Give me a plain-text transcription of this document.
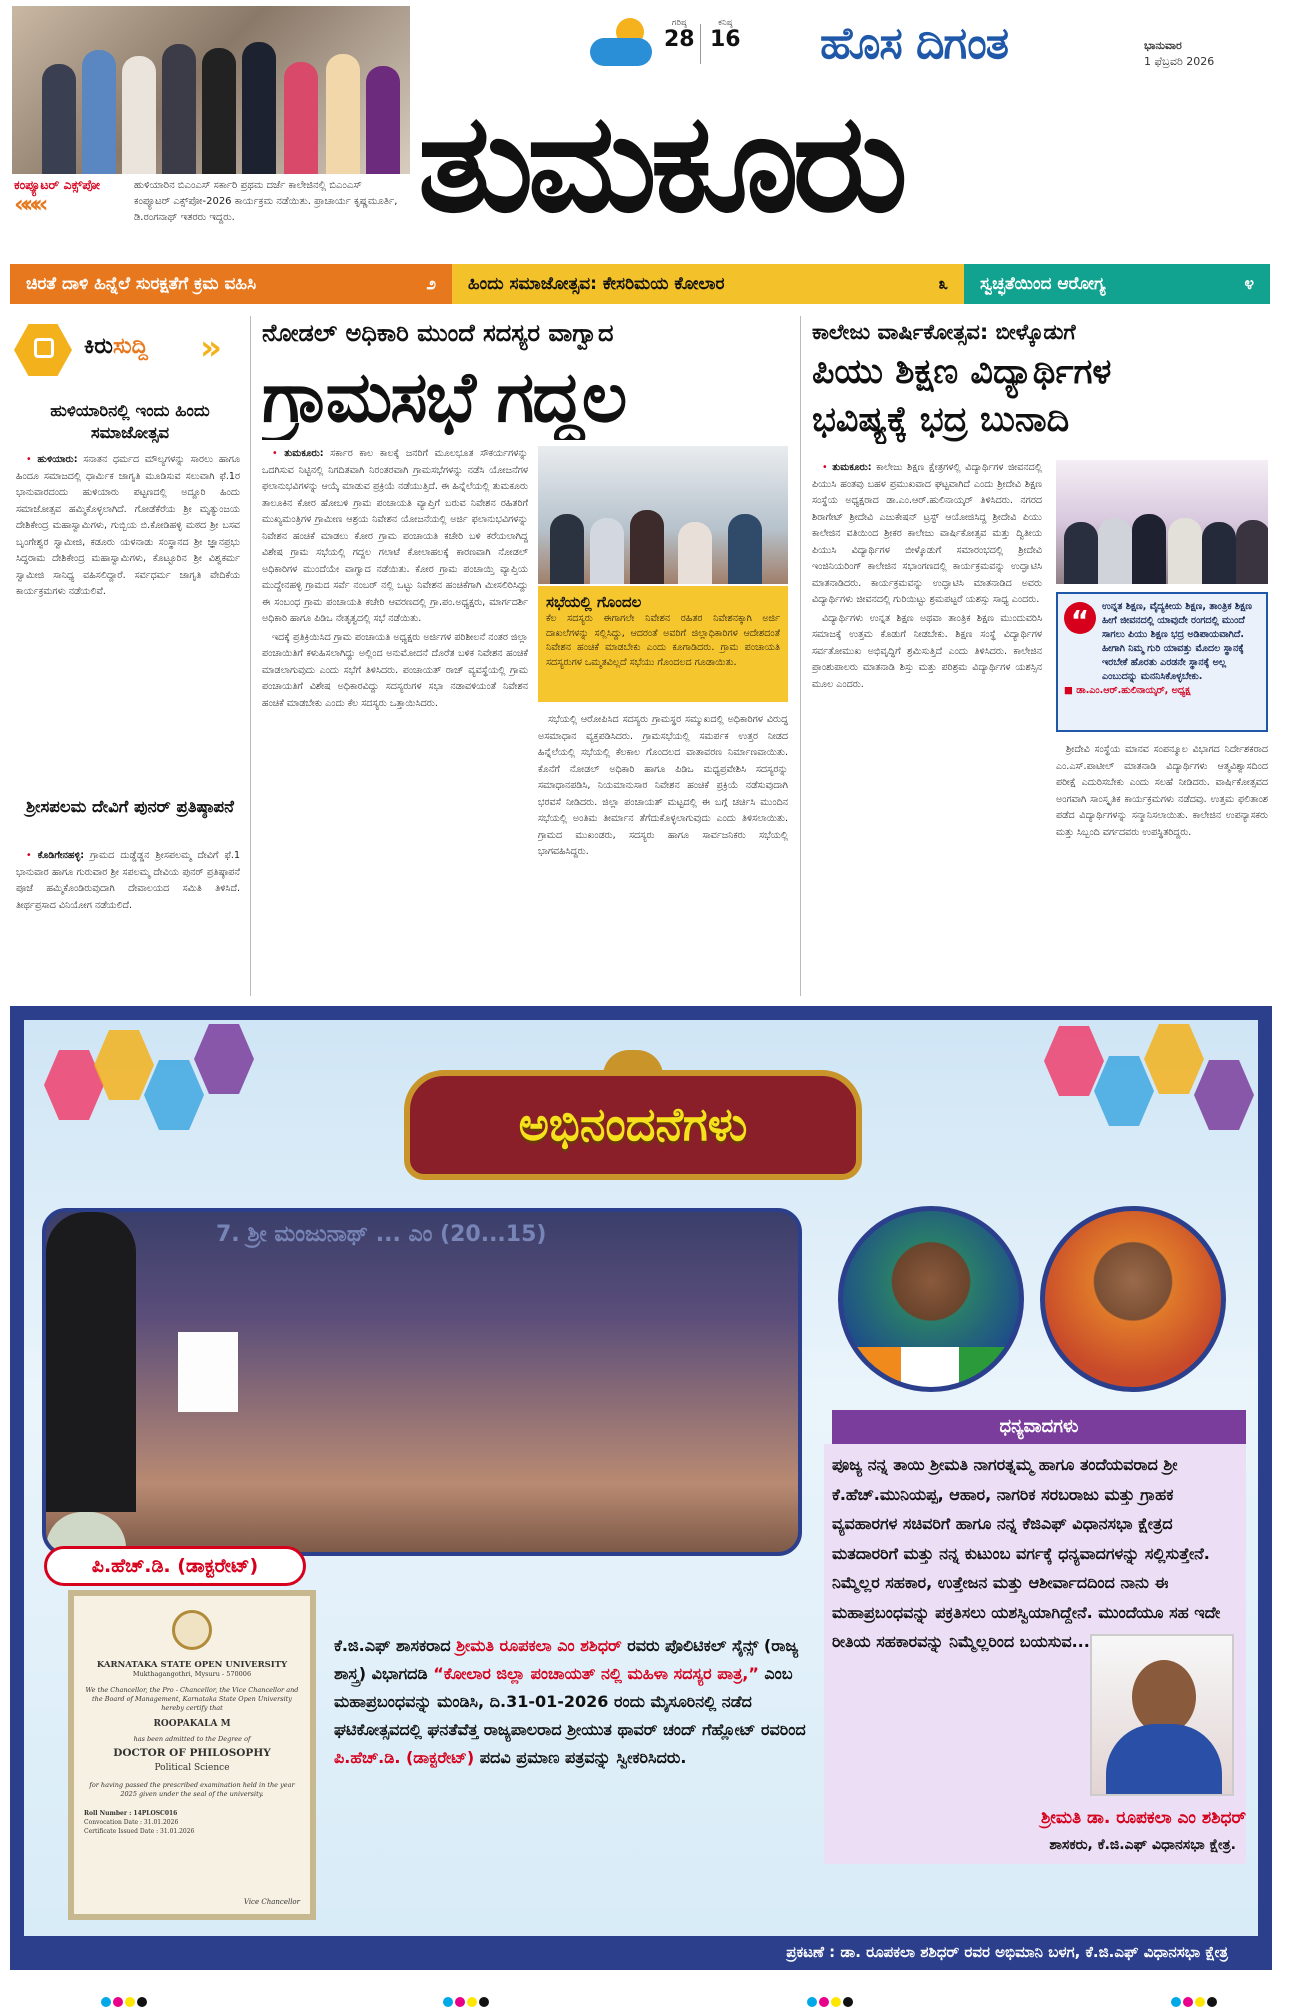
ಕಂಪ್ಯೂಟರ್ ಎಕ್ಸ್‌ಪೋ
«««
ಹುಳಿಯಾರಿನ ಬಿಎಂಎಸ್ ಸರ್ಕಾರಿ ಪ್ರಥಮ ದರ್ಜೆ ಕಾಲೇಜಿನಲ್ಲಿ ಬಿಎಂಎಸ್ ಕಂಪ್ಯೂಟರ್ ಎಕ್ಸ್‌ಪೋ-2026 ಕಾರ್ಯಕ್ರಮ ನಡೆಯಿತು. ಪ್ರಾಚಾರ್ಯ ಕೃಷ್ಣಮೂರ್ತಿ, ಡಿ.ರಂಗನಾಥ್ ಇತರರು ಇದ್ದರು.
ಗರಿಷ್ಠ
28
ಕನಿಷ್ಠ
16 ಹೊಸ ದಿಗಂತ	ಭಾನುವಾರ
1 ಫೆಬ್ರವರಿ 2026
ತುಮಕೂರು
ಚಿರತೆ ದಾಳಿ ಹಿನ್ನೆಲೆ ಸುರಕ್ಷತೆಗೆ ಕ್ರಮ ವಹಿಸಿ	೨	ಹಿಂದು ಸಮಾಜೋತ್ಸವ: ಕೇಸರಿಮಯ ಕೋಲಾರ	೩	ಸ್ವಚ್ಛತೆಯಿಂದ ಆರೋಗ್ಯ	೪
ಕಿರುಸುದ್ದಿ »
ಹುಳಿಯಾರಿನಲ್ಲಿ ಇಂದು ಹಿಂದು ಸಮಾಜೋತ್ಸವ

• ಹುಳಿಯಾರು: ಸನಾತನ ಧರ್ಮದ ಮೌಲ್ಯಗಳನ್ನು ಸಾರಲು ಹಾಗೂ ಹಿಂದೂ ಸಮಾಜದಲ್ಲಿ ಧಾರ್ಮಿಕ ಜಾಗೃತಿ ಮೂಡಿಸುವ ಸಲುವಾಗಿ ಫೆ.1ರ ಭಾನುವಾರದಂದು ಹುಳಿಯಾರು ಪಟ್ಟಣದಲ್ಲಿ ಅದ್ದೂರಿ ಹಿಂದು ಸಮಾಜೋತ್ಸವ ಹಮ್ಮಿಕೊಳ್ಳಲಾಗಿದೆ. ಗೋಡೆಕೆರೆಯ ಶ್ರೀ ಮೃತ್ಯುಂಜಯ ದೇಶಿಕೇಂದ್ರ ಮಹಾಸ್ವಾಮಿಗಳು, ಗುಬ್ಬಿಯ ಬಿ.ಕೋಡಿಹಳ್ಳಿ ಮಠದ ಶ್ರೀ ಬಸವ ಬೃಂಗೇಶ್ವರ ಸ್ವಾಮೀಜಿ, ಕಡೂರು ಯಳನಾಡು ಸಂಸ್ಥಾನದ ಶ್ರೀ ಜ್ಞಾನಪ್ರಭು ಸಿದ್ಧರಾಮ ದೇಶಿಕೇಂದ್ರ ಮಹಾಸ್ವಾಮಿಗಳು, ಕೊಟ್ಟೂರಿನ ಶ್ರೀ ವಿಶ್ವಕರ್ಮ ಸ್ವಾಮೀಜಿ ಸಾನಿಧ್ಯ ವಹಿಸಲಿದ್ದಾರೆ. ಸರ್ವಧರ್ಮ ಜಾಗೃತಿ ವೇದಿಕೆಯ ಕಾರ್ಯಕ್ರಮಗಳು ನಡೆಯಲಿವೆ.

ಶ್ರೀಸಪಲಮ ದೇವಿಗೆ ಪುನರ್ ಪ್ರತಿಷ್ಠಾಪನೆ

• ಕೊಡಿಗೇನಹಳ್ಳಿ: ಗ್ರಾಮದ ದುಡ್ಡೆಡ್ಡನ ಶ್ರೀಸಪಲಮ್ಮ ದೇವಿಗೆ ಫೆ.1 ಭಾನುವಾರ ಹಾಗೂ ಗುರುವಾರ ಶ್ರೀ ಸಪಲಮ್ಮ ದೇವಿಯ ಪುನರ್ ಪ್ರತಿಷ್ಠಾಪನೆ ಪೂಜೆ ಹಮ್ಮಿಕೊಂಡಿರುವುದಾಗಿ ದೇವಾಲಯದ ಸಮಿತಿ ತಿಳಿಸಿದೆ. ತೀರ್ಥಪ್ರಸಾದ ವಿನಿಯೋಗ ನಡೆಯಲಿದೆ.

ನೋಡಲ್ ಅಧಿಕಾರಿ ಮುಂದೆ ಸದಸ್ಯರ ವಾಗ್ವಾದ
ಗ್ರಾಮಸಭೆ ಗದ್ದಲ

• ತುಮಕೂರು: ಸರ್ಕಾರ ಕಾಲ ಕಾಲಕ್ಕೆ ಜನರಿಗೆ ಮೂಲಭೂತ ಸೌಕರ್ಯಗಳನ್ನು ಒದಗಿಸುವ ನಿಟ್ಟಿನಲ್ಲಿ ನಿಗದಿತವಾಗಿ ನಿರಂತರವಾಗಿ ಗ್ರಾಮಸಭೆಗಳನ್ನು ನಡೆಸಿ ಯೋಜನೆಗಳ ಫಲಾನುಭವಿಗಳನ್ನು ಆಯ್ಕೆ ಮಾಡುವ ಪ್ರಕ್ರಿಯೆ ನಡೆಯುತ್ತಿದೆ. ಈ ಹಿನ್ನೆಲೆಯಲ್ಲಿ ತುಮಕೂರು ತಾಲೂಕಿನ ಕೋರ ಹೋಬಳಿ ಗ್ರಾಮ ಪಂಚಾಯತಿ ವ್ಯಾಪ್ತಿಗೆ ಬರುವ ನಿವೇಶನ ರಹಿತರಿಗೆ ಮುಖ್ಯಮಂತ್ರಿಗಳ ಗ್ರಾಮೀಣ ಆಶ್ರಯ ನಿವೇಶನ ಯೋಜನೆಯಲ್ಲಿ ಅರ್ಜಿ ಫಲಾನುಭವಿಗಳನ್ನು ನಿವೇಶನ ಹಂಚಿಕೆ ಮಾಡಲು ಕೋರ ಗ್ರಾಮ ಪಂಚಾಯತಿ ಕಚೇರಿ ಬಳಿ ಕರೆಯಲಾಗಿದ್ದ ವಿಶೇಷ ಗ್ರಾಮ ಸಭೆಯಲ್ಲಿ ಗದ್ದಲ ಗಲಾಟೆ ಕೋಲಾಹಲಕ್ಕೆ ಕಾರಣವಾಗಿ ನೋಡಲ್ ಅಧಿಕಾರಿಗಳ ಮುಂದೆಯೇ ವಾಗ್ವಾದ ನಡೆಯಿತು. ಕೋರ ಗ್ರಾಮ ಪಂಚಾಯ್ತಿ ವ್ಯಾಪ್ತಿಯ ಮುದ್ದೇನಹಳ್ಳಿ ಗ್ರಾಮದ ಸರ್ವೆ ನಂಬರ್ ನಲ್ಲಿ ಒಟ್ಟು ನಿವೇಶನ ಹಂಚಿಕೆಗಾಗಿ ಮೀಸಲಿರಿಸಿದ್ದು ಈ ಸಂಬಂಧ ಗ್ರಾಮ ಪಂಚಾಯತಿ ಕಚೇರಿ ಆವರಣದಲ್ಲಿ ಗ್ರಾ.ಪಂ.ಅಧ್ಯಕ್ಷರು, ಮಾರ್ಗದರ್ಶಿ ಅಧಿಕಾರಿ ಹಾಗೂ ಪಿಡಿಒ ನೇತೃತ್ವದಲ್ಲಿ ಸಭೆ ನಡೆಯಿತು.

ಇದಕ್ಕೆ ಪ್ರತಿಕ್ರಿಯಿಸಿದ ಗ್ರಾಮ ಪಂಚಾಯತಿ ಅಧ್ಯಕ್ಷರು ಅರ್ಜಿಗಳ ಪರಿಶೀಲನೆ ನಂತರ ಜಿಲ್ಲಾ ಪಂಚಾಯಿತಿಗೆ ಕಳುಹಿಸಲಾಗಿದ್ದು ಅಲ್ಲಿಂದ ಅನುಮೋದನೆ ದೊರೆತ ಬಳಿಕ ನಿವೇಶನ ಹಂಚಿಕೆ ಮಾಡಲಾಗುವುದು ಎಂದು ಸಭೆಗೆ ತಿಳಿಸಿದರು. ಪಂಚಾಯತ್ ರಾಜ್ ವ್ಯವಸ್ಥೆಯಲ್ಲಿ ಗ್ರಾಮ ಪಂಚಾಯತಿಗೆ ವಿಶೇಷ ಅಧಿಕಾರವಿದ್ದು ಸದಸ್ಯರುಗಳ ಸಭಾ ನಡಾವಳಿಯಂತೆ ನಿವೇಶನ ಹಂಚಿಕೆ ಮಾಡಬೇಕು ಎಂದು ಕೆಲ ಸದಸ್ಯರು ಒತ್ತಾಯಿಸಿದರು.

ಸಭೆಯಲ್ಲಿ ಗೊಂದಲ
ಕೆಲ ಸದಸ್ಯರು ಈಗಾಗಲೇ ನಿವೇಶನ ರಹಿತರ ನಿವೇಶನಕ್ಕಾಗಿ ಅರ್ಜಿ ದಾಖಲೆಗಳನ್ನು ಸಲ್ಲಿಸಿದ್ದು, ಆದರಂತೆ ಅವರಿಗೆ ಜಿಲ್ಲಾಧಿಕಾರಿಗಳ ಆದೇಶದಂತೆ ನಿವೇಶನ ಹಂಚಿಕೆ ಮಾಡಬೇಕು ಎಂದು ಕೂಗಾಡಿದರು. ಗ್ರಾಮ ಪಂಚಾಯತಿ ಸದಸ್ಯರುಗಳ ಒಮ್ಮತವಿಲ್ಲದೆ ಸಭೆಯು ಗೊಂದಲದ ಗೂಡಾಯಿತು.

ಸಭೆಯಲ್ಲಿ ಆರೋಪಿಸಿದ ಸದಸ್ಯರು ಗ್ರಾಮಸ್ಥರ ಸಮ್ಮುಖದಲ್ಲಿ ಅಧಿಕಾರಿಗಳ ವಿರುದ್ಧ ಅಸಮಾಧಾನ ವ್ಯಕ್ತಪಡಿಸಿದರು. ಗ್ರಾಮಸಭೆಯಲ್ಲಿ ಸಮರ್ಪಕ ಉತ್ತರ ನೀಡದ ಹಿನ್ನೆಲೆಯಲ್ಲಿ ಸಭೆಯಲ್ಲಿ ಕೆಲಕಾಲ ಗೊಂದಲದ ವಾತಾವರಣ ನಿರ್ಮಾಣವಾಯಿತು. ಕೊನೆಗೆ ನೋಡಲ್ ಅಧಿಕಾರಿ ಹಾಗೂ ಪಿಡಿಒ ಮಧ್ಯಪ್ರವೇಶಿಸಿ ಸದಸ್ಯರನ್ನು ಸಮಾಧಾನಪಡಿಸಿ, ನಿಯಮಾನುಸಾರ ನಿವೇಶನ ಹಂಚಿಕೆ ಪ್ರಕ್ರಿಯೆ ನಡೆಸುವುದಾಗಿ ಭರವಸೆ ನೀಡಿದರು. ಜಿಲ್ಲಾ ಪಂಚಾಯತ್ ಮಟ್ಟದಲ್ಲಿ ಈ ಬಗ್ಗೆ ಚರ್ಚಿಸಿ ಮುಂದಿನ ಸಭೆಯಲ್ಲಿ ಅಂತಿಮ ತೀರ್ಮಾನ ತೆಗೆದುಕೊಳ್ಳಲಾಗುವುದು ಎಂದು ತಿಳಿಸಲಾಯಿತು. ಗ್ರಾಮದ ಮುಖಂಡರು, ಸದಸ್ಯರು ಹಾಗೂ ಸಾರ್ವಜನಿಕರು ಸಭೆಯಲ್ಲಿ ಭಾಗವಹಿಸಿದ್ದರು.

ಕಾಲೇಜು ವಾರ್ಷಿಕೋತ್ಸವ: ಬೀಳ್ಕೊಡುಗೆ
ಪಿಯು ಶಿಕ್ಷಣ ವಿದ್ಯಾರ್ಥಿಗಳ
ಭವಿಷ್ಯಕ್ಕೆ ಭದ್ರ ಬುನಾದಿ

• ತುಮಕೂರು: ಕಾಲೇಜು ಶಿಕ್ಷಣ ಕ್ಷೇತ್ರಗಳಲ್ಲಿ ವಿದ್ಯಾರ್ಥಿಗಳ ಜೀವನದಲ್ಲಿ ಪಿಯುಸಿ ಹಂತವು ಬಹಳ ಪ್ರಮುಖವಾದ ಘಟ್ಟವಾಗಿದೆ ಎಂದು ಶ್ರೀದೇವಿ ಶಿಕ್ಷಣ ಸಂಸ್ಥೆಯ ಅಧ್ಯಕ್ಷರಾದ ಡಾ.ಎಂ.ಆರ್.ಹುಲಿನಾಯ್ಕರ್ ತಿಳಿಸಿದರು. ನಗರದ ಶಿರಾಗೇಟ್ ಶ್ರೀದೇವಿ ಎಜುಕೇಷನ್ ಟ್ರಸ್ಟ್ ಆಯೋಜಿಸಿದ್ದ ಶ್ರೀದೇವಿ ಪಿಯು ಕಾಲೇಜಿನ ವತಿಯಿಂದ ಶ್ರೀಕರ ಕಾಲೇಜು ವಾರ್ಷಿಕೋತ್ಸವ ಮತ್ತು ದ್ವಿತೀಯ ಪಿಯುಸಿ ವಿದ್ಯಾರ್ಥಿಗಳ ಬೀಳ್ಕೊಡುಗೆ ಸಮಾರಂಭದಲ್ಲಿ ಶ್ರೀದೇವಿ ಇಂಜಿನಿಯರಿಂಗ್ ಕಾಲೇಜಿನ ಸಭಾಂಗಣದಲ್ಲಿ ಕಾರ್ಯಕ್ರಮವನ್ನು ಉದ್ಘಾಟಿಸಿ ಮಾತನಾಡಿದರು. ಕಾರ್ಯಕ್ರಮವನ್ನು ಉದ್ಘಾಟಿಸಿ ಮಾತನಾಡಿದ ಅವರು ವಿದ್ಯಾರ್ಥಿಗಳು ಜೀವನದಲ್ಲಿ ಗುರಿಯಿಟ್ಟು ಶ್ರಮಪಟ್ಟರೆ ಯಶಸ್ಸು ಸಾಧ್ಯ ಎಂದರು.

ವಿದ್ಯಾರ್ಥಿಗಳು ಉನ್ನತ ಶಿಕ್ಷಣ ಅಥವಾ ತಾಂತ್ರಿಕ ಶಿಕ್ಷಣ ಮುಂದುವರಿಸಿ ಸಮಾಜಕ್ಕೆ ಉತ್ತಮ ಕೊಡುಗೆ ನೀಡಬೇಕು. ಶಿಕ್ಷಣ ಸಂಸ್ಥೆ ವಿದ್ಯಾರ್ಥಿಗಳ ಸರ್ವತೋಮುಖ ಅಭಿವೃದ್ಧಿಗೆ ಶ್ರಮಿಸುತ್ತಿದೆ ಎಂದು ತಿಳಿಸಿದರು. ಕಾಲೇಜಿನ ಪ್ರಾಂಶುಪಾಲರು ಮಾತನಾಡಿ ಶಿಸ್ತು ಮತ್ತು ಪರಿಶ್ರಮ ವಿದ್ಯಾರ್ಥಿಗಳ ಯಶಸ್ಸಿನ ಮೂಲ ಎಂದರು.

“	ಉನ್ನತ ಶಿಕ್ಷಣ, ವೈದ್ಯಕೀಯ ಶಿಕ್ಷಣ, ತಾಂತ್ರಿಕ ಶಿಕ್ಷಣ ಹೀಗೆ ಜೀವನದಲ್ಲಿ ಯಾವುದೇ ರಂಗದಲ್ಲಿ ಮುಂದೆ ಸಾಗಲು ಪಿಯು ಶಿಕ್ಷಣ ಭದ್ರ ಅಡಿಪಾಯವಾಗಿದೆ. ಹೀಗಾಗಿ ನಿಮ್ಮ ಗುರಿ ಯಾವತ್ತು ಮೊದಲ ಸ್ಥಾನಕ್ಕೆ ಇರಬೇಕೆ ಹೊರತು ಎರಡನೇ ಸ್ಥಾನಕ್ಕೆ ಅಲ್ಲ ಎಂಬುದನ್ನು ಮನನಿಸಿಕೊಳ್ಳಬೇಕು.
■ ಡಾ.ಎಂ.ಆರ್.ಹುಲಿನಾಯ್ಕರ್, ಅಧ್ಯಕ್ಷ

ಶ್ರೀದೇವಿ ಸಂಸ್ಥೆಯ ಮಾನವ ಸಂಪನ್ಮೂಲ ವಿಭಾಗದ ನಿರ್ದೇಶಕರಾದ ಎಂ.ಎಸ್.ಪಾಟೀಲ್ ಮಾತನಾಡಿ ವಿದ್ಯಾರ್ಥಿಗಳು ಆತ್ಮವಿಶ್ವಾಸದಿಂದ ಪರೀಕ್ಷೆ ಎದುರಿಸಬೇಕು ಎಂದು ಸಲಹೆ ನೀಡಿದರು. ವಾರ್ಷಿಕೋತ್ಸವದ ಅಂಗವಾಗಿ ಸಾಂಸ್ಕೃತಿಕ ಕಾರ್ಯಕ್ರಮಗಳು ನಡೆದವು. ಉತ್ತಮ ಫಲಿತಾಂಶ ಪಡೆದ ವಿದ್ಯಾರ್ಥಿಗಳನ್ನು ಸನ್ಮಾನಿಸಲಾಯಿತು. ಕಾಲೇಜಿನ ಉಪನ್ಯಾಸಕರು ಮತ್ತು ಸಿಬ್ಬಂದಿ ವರ್ಗದವರು ಉಪಸ್ಥಿತರಿದ್ದರು.

ಅಭಿನಂದನೆಗಳು
7. ಶ್ರೀ ಮಂಜುನಾಥ್ ... ಎಂ (20...15)
ಪಿ.ಹೆಚ್‌.ಡಿ. (ಡಾಕ್ಟರೇಟ್)
KARNATAKA STATE OPEN UNIVERSITY
Mukthagangothri, Mysuru - 570006
We the Chancellor, the Pro - Chancellor, the Vice Chancellor and the Board of Management, Karnataka State Open University hereby certify that
ROOPAKALA M
has been admitted to the Degree of
DOCTOR OF PHILOSOPHY
Political Science
for having passed the prescribed examination held in the year 2025 given under the seal of the university.
Roll Number : 14PLOSC016
Convocation Date : 31.01.2026
Certificate Issued Date : 31.01.2026
Vice Chancellor
ಕೆ.ಜಿ.ಎಫ್ ಶಾಸಕರಾದ ಶ್ರೀಮತಿ ರೂಪಕಲಾ ಎಂ ಶಶಿಧರ್ ರವರು ಪೊಲಿಟಿಕಲ್ ಸೈನ್ಸ್ (ರಾಜ್ಯ ಶಾಸ್ತ್ರ) ವಿಭಾಗದಡಿ “ಕೋಲಾರ ಜಿಲ್ಲಾ ಪಂಚಾಯತ್ ನಲ್ಲಿ ಮಹಿಳಾ ಸದಸ್ಯರ ಪಾತ್ರ,” ಎಂಬ ಮಹಾಪ್ರಬಂಧವನ್ನು ಮಂಡಿಸಿ, ದಿ.31-01-2026 ರಂದು ಮೈಸೂರಿನಲ್ಲಿ ನಡೆದ ಘಟಿಕೋತ್ಸವದಲ್ಲಿ ಘನತೆವೆತ್ತ ರಾಜ್ಯಪಾಲರಾದ ಶ್ರೀಯುತ ಥಾವರ್ ಚಂದ್ ಗೆಹ್ಲೋಟ್ ರವರಿಂದ ಪಿ.ಹೆಚ್‌.ಡಿ. (ಡಾಕ್ಟರೇಟ್) ಪದವಿ ಪ್ರಮಾಣ ಪತ್ರವನ್ನು ಸ್ವೀಕರಿಸಿದರು.
ಧನ್ಯವಾದಗಳು
ಪೂಜ್ಯ ನನ್ನ ತಾಯಿ ಶ್ರೀಮತಿ ನಾಗರತ್ನಮ್ಮ ಹಾಗೂ ತಂದೆಯವರಾದ ಶ್ರೀ ಕೆ.ಹೆಚ್.ಮುನಿಯಪ್ಪ, ಆಹಾರ, ನಾಗರಿಕ ಸರಬರಾಜು ಮತ್ತು ಗ್ರಾಹಕ ವ್ಯವಹಾರಗಳ ಸಚಿವರಿಗೆ ಹಾಗೂ ನನ್ನ ಕೆಜಿಎಫ್ ವಿಧಾನಸಭಾ ಕ್ಷೇತ್ರದ ಮತದಾರರಿಗೆ ಮತ್ತು ನನ್ನ ಕುಟುಂಬ ವರ್ಗಕ್ಕೆ ಧನ್ಯವಾದಗಳನ್ನು ಸಲ್ಲಿಸುತ್ತೇನೆ. ನಿಮ್ಮೆಲ್ಲರ ಸಹಕಾರ, ಉತ್ತೇಜನ ಮತ್ತು ಆಶೀರ್ವಾದದಿಂದ ನಾನು ಈ ಮಹಾಪ್ರಬಂಧವನ್ನು ಪಕ್ರತಿಸಲು ಯಶಸ್ವಿಯಾಗಿದ್ದೇನೆ. ಮುಂದೆಯೂ ಸಹ ಇದೇ ರೀತಿಯ ಸಹಕಾರವನ್ನು ನಿಮ್ಮೆಲ್ಲರಿಂದ ಬಯಸುವ...
ಶ್ರೀಮತಿ ಡಾ. ರೂಪಕಲಾ ಎಂ ಶಶಿಧರ್
ಶಾಸಕರು, ಕೆ.ಜಿ.ಎಫ್ ವಿಧಾನಸಭಾ ಕ್ಷೇತ್ರ.
ಪ್ರಕಟಣೆ : ಡಾ. ರೂಪಕಲಾ ಶಶಿಧರ್ ರವರ ಅಭಿಮಾನಿ ಬಳಗ, ಕೆ.ಜಿ.ಎಫ್ ವಿಧಾನಸಭಾ ಕ್ಷೇತ್ರ
